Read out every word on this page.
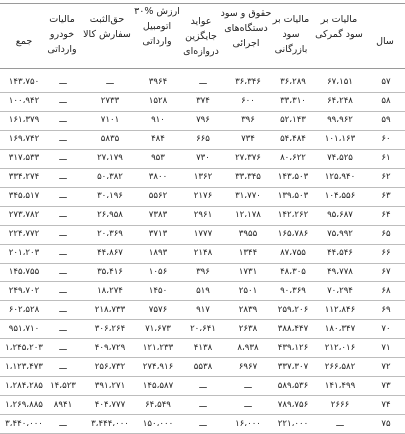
سال
مالیات بر سود گمرکی
مالیات بر سود بازرگانی
حقوق و سود دستگاه‌های اجرائی
عواید جایگزین دروازه‌ای
۳۰% ارزش اتومبیل وارداتی
حق‌الثبت سفارش کالا
مالیات خودرو وارداتی
جمع
۵۷
۶۷،۱۵۱
۳۶،۲۸۹
۳۶،۳۴۶
ـــ
۳۹۶۴
ـــ
ـــ
۱۴۳،۷۵۰
۵۸
۶۴،۲۴۸
۳۳،۳۱۰
۶۰۰
۳۷۴
۱۵۲۸
۲۷۳۳
ـــ
۱۰۰،۹۴۲
۵۹
۹۹،۹۶۲
۵۲،۱۴۳
۳۹۶
۷۹۶
۹۱۰
۷۱۰۱
ـــ
۱۶۱،۳۷۹
۶۰
۱۰۱،۱۶۳
۵۴،۴۸۴
۷۳۴
۶۶۵
۴۸۴
۵۸۳۵
ـــ
۱۶۹،۷۴۲
۶۱
۷۴،۵۲۵
۸۰،۶۲۲
۲۷،۳۷۶
۷۳۰
۹۵۳
۲۷،۱۷۹
ـــ
۳۱۷،۵۳۳
۶۲
۱۲۵،۹۴۰
۱۴۳،۵۰۳
۳۳،۳۴۵
۱۳۶۲
۳۸۰۰
۵۰،۳۸۲
ـــ
۳۳۴،۲۷۴
۶۳
۱۰۴،۵۵۶
۱۳۹،۵۰۳
۳۱،۷۷۰
۲۱۷۶
۵۵۶۲
۳۰،۱۹۶
ـــ
۳۴۵،۵۱۷
۶۴
۹۵،۶۸۷
۱۴۲،۲۶۲
۱۲،۱۷۸
۲۹۶۱
۷۳۸۳
۲۶،۹۵۸
ـــ
۲۷۳،۷۸۲
۶۵
۷۵،۹۹۲
۱۶۵،۷۸۶
۳۹۵۵
۱۷۷۷
۳۷۱۳
۲۰،۳۶۹
ـــ
۲۲۴،۷۷۲
۶۶
۴۴،۵۴۶
۸۷،۷۵۵
۱۳۴۴
۲۱۴۸
۱۸۹۳
۴۴،۸۶۷
ـــ
۲۰۱،۲۰۳
۶۷
۴۹،۷۷۸
۴۸،۳۰۵
۱۷۳۱
۳۹۶
۱۰۵۶
۳۵،۴۱۶
ـــ
۱۴۵،۷۵۵
۶۸
۷۰،۲۹۴
۹۰،۳۶۹
۲۵۰۱
۵۱۹
۱۴۵۰
۱۸،۲۷۴
ـــ
۲۴۹،۷۰۲
۶۹
۱۱۲،۸۴۶
۲۵۹،۲۰۶
۲۸۳۹
۹۱۷
۷۵۷۶
۲۱۸،۷۳۳
ـــ
۶۰۲،۵۲۸
۷۰
۱۸۰،۳۴۷
۳۸۸،۴۴۷
۲۶۳۸
۲۰،۶۴۱
۷۱،۶۷۳
۳۰۶،۲۶۴
ـــ
۹۵۱،۷۱۰
۷۱
۲۱۲،۰۱۶
۴۳۹،۱۲۶
۸،۹۳۸
۴۱۳۸
۱۲۱،۲۳۳
۴۰۹،۷۲۹
ـــ
۱،۲۴۵،۲۰۳
۷۲
۲۶۶،۵۸۲
۳۳۷،۳۰۷
۶۹۶۷
۵۵۳۸
۲۷۴،۹۱۶
۲۵۶،۷۳۲
ـــ
۱،۱۲۳،۴۷۳
۷۳
۱۴۱،۴۹۹
۵۸۹،۵۳۶
ـــ
ـــ
۱۴۵،۵۸۷
۳۹۱،۲۷۱
۱۴،۵۲۳
۱،۲۸۴،۲۸۵
۷۴
۲۶۶۶
۷۸۹،۷۵۶
ـــ
ـــ
۶۴،۵۴۹
۴۰۴،۷۷۷
۸۹۴۱
۱،۲۶۹،۸۸۵
۷۵
ـــ
۲۲۱،۰۰۰
۱۶،۰۰۰
ـــ
۱۵۰،۰۰۰
۳،۴۴۴،۰۰۰
ـــ
۳،۴۴۰،۰۰۰
